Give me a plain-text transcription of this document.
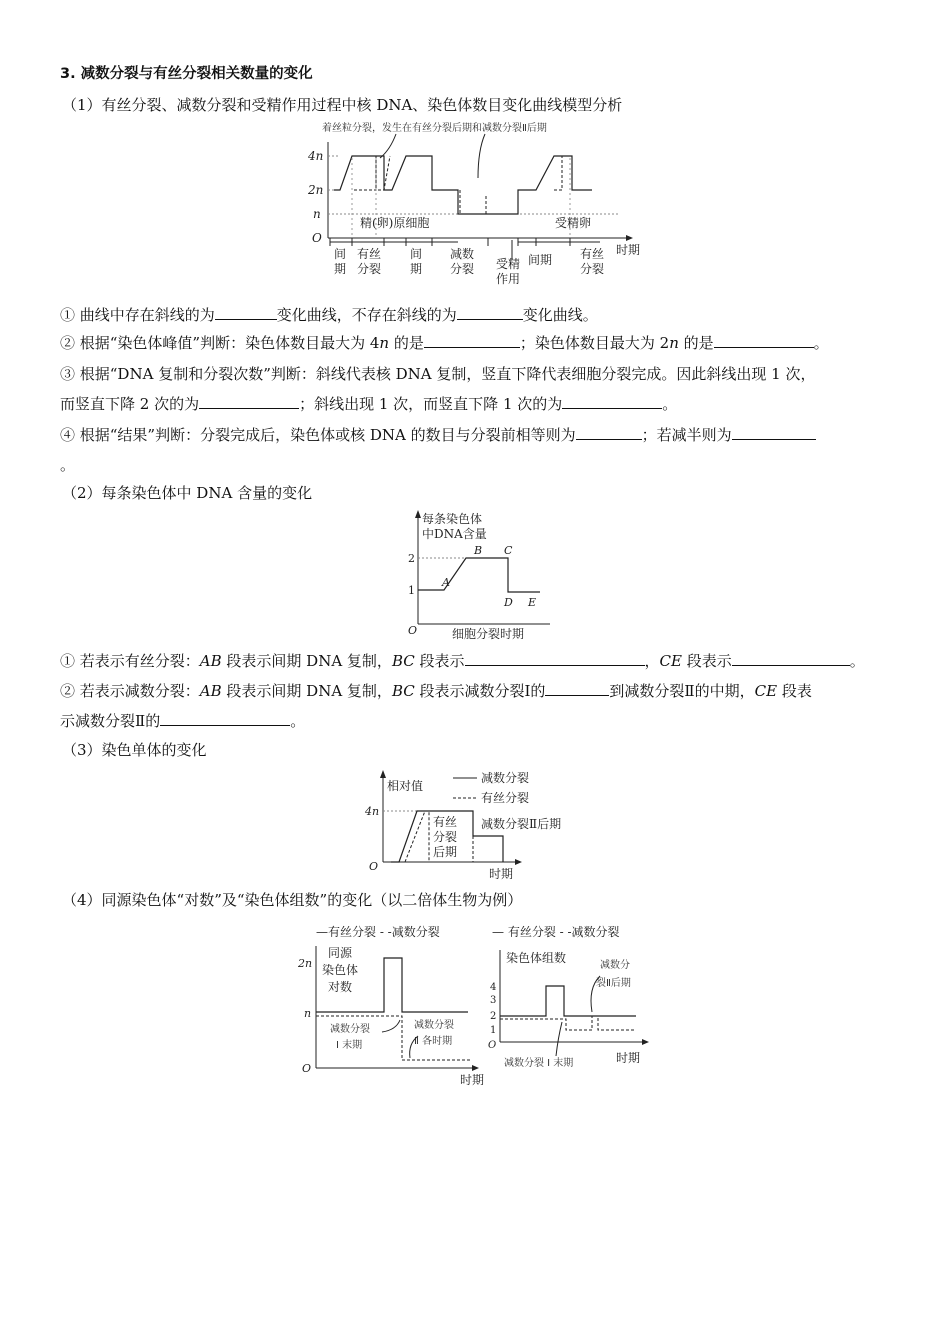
3. 减数分裂与有丝分裂相关数量的变化
（1）有丝分裂、减数分裂和受精作用过程中核 DNA、染色体数目变化曲线模型分析
着丝粒分裂，发生在有丝分裂后期和减数分裂Ⅱ后期
4n
2n
n
O
精(卵)原细胞	受精卵
间
期
有丝
分裂
间
期
减数
分裂 受精
作用
间期 有丝
分裂
时期
① 曲线中存在斜线的为	变化曲线，不存在斜线的为	变化曲线。
② 根据“染色体峰值”判断：染色体数目最大为 4n 的是	；染色体数目最大为 2n 的是	。
③ 根据“DNA 复制和分裂次数”判断：斜线代表核 DNA 复制，竖直下降代表细胞分裂完成。因此斜线出现 1 次，
而竖直下降 2 次的为	；斜线出现 1 次，而竖直下降 1 次的为	。
④ 根据“结果”判断：分裂完成后，染色体或核 DNA 的数目与分裂前相等则为	；若减半则为
。
（2）每条染色体中 DNA 含量的变化
每条染色体
中DNA含量
2
1
O
A
B C
D E
细胞分裂时期
① 若表示有丝分裂：AB 段表示间期 DNA 复制，BC 段表示	，CE 段表示	。
② 若表示减数分裂：AB 段表示间期 DNA 复制，BC 段表示减数分裂Ⅰ的	到减数分裂Ⅱ的中期，CE 段表
示减数分裂Ⅱ的	。
（3）染色单体的变化
相对值
减数分裂
有丝分裂
4n
O
有丝
分裂
后期
减数分裂Ⅱ后期
时期
（4）同源染色体“对数”及“染色体组数”的变化（以二倍体生物为例）
—有丝分裂 - -减数分裂
同源
染色体
对数
2n
n
O
减数分裂
Ⅰ 末期
减数分裂
Ⅱ 各时期
时期
— 有丝分裂 - -减数分裂
染色体组数
4
3
2
1
O
减数分
裂Ⅱ后期
减数分裂 Ⅰ 末期	时期
